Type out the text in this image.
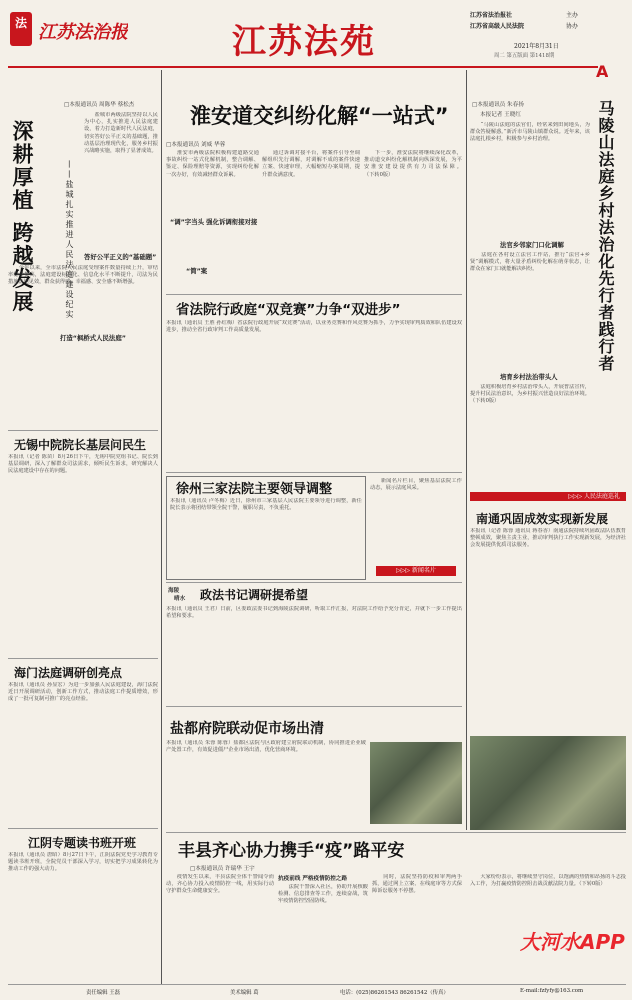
法 江苏法治报	江苏法苑
江苏省法治报社	主办
江苏省高级人民法院	协办
2021年8月31日
周二 第五版面 第1418期
A
□本报通讯员 周陈华 蔡松杰
深耕厚植 跨越发展	——盐城扎实推进人民法庭建设纪实
　　盐城市两级法院坚持以人民为中心，扎实推进人民法庭建设，着力打造新时代人民法庭，切实答好公平正义的基础题，推动基层治理现代化，服务乡村振兴战略实施，取得了显著成效。
答好公平正义的“基础题”
　　今年以来，全市法院人民法庭受理案件数量持续上升，审结率稳步提高，法庭建设标准化、信息化水平不断提升，司法为民措施落地见效，群众获得感、幸福感、安全感不断增强。
打造“枫桥式人民法庭”
无锡中院院长基层问民生
本报讯（记者 陈苗）8月26日下午，无锡中院党组书记、院长到基层调研，深入了解群众司法需求，倾听民生诉求，研究解决人民法庭建设中存在的问题。
海门法庭调研创亮点
本报讯（通讯员 孙显宏）为进一步加强人民法庭建设，海门法院近日开展调研活动，创新工作方式，推动法庭工作提质增效，形成了一批可复制可推广的亮点经验。
江阴专题读书班开班
本报讯（通讯员 唐昭）8月27日下午，江阴法院党史学习教育专题读书班开班，全院党员干部深入学习，切实把学习成果转化为推动工作的强大动力。
淮安道交纠纷化解“一站式”
□本报通讯员 刘威 华蓉
　　淮安市两级法院积极构建道路交通事故纠纷一站式化解机制，整合调解、鉴定、保险理赔等资源，实现纠纷化解一次办好，有效减轻群众诉累。
“调”字当头 强化诉调衔接对接
“简”案
　　通过诉调对接平台，将案件引导至调解组织先行调解，对调解不成的案件快速立案、快速审理，大幅缩短办案周期，提升群众满意度。
　　下一步，淮安法院将继续深化改革，推动道交纠纷化解机制向纵深发展，为平安淮安建设提供有力司法保障。（下转0版）
省法院行政庭“双竞赛”力争“双进步”
本报讯（通讯员 王胜 孙红梅）省法院行政庭开展“双竞赛”活动，以业务竞赛和作风竞赛为抓手，力争实现审判质效和队伍建设双进步，推动全省行政审判工作高质量发展。
徐州三家法院主要领导调整
本报讯（通讯员 卢冬梅）近日，徐州市三家基层人民法院主要领导进行调整，新任院长表示将团结带领全院干警，履职尽责，不负重托。
　　新闻名片栏目，聚焦基层法院工作动态，展示法庭风采。
▷▷▷ 新闻名片
海陵
晴水 政法书记调研提希望
本报讯（通讯员 王君）日前，区委政法委书记到海陵法院调研，听取工作汇报，对法院工作给予充分肯定，并就下一步工作提出希望和要求。
盐都府院联动促市场出清
本报讯（通讯员 朱蓉 陈蓉）盐都区法院与区政府建立府院联动机制，协同推进企业破产处置工作，有效促进僵尸企业市场出清，优化营商环境。
□本报通讯员 朱春扬
本报记者 王晓红	马陵山法庭乡村法治化先行者践行者
　　“马陵山法庭的法官们，经常来到田间地头，为群众答疑解惑。”新沂市马陵山镇群众说。近年来，该法庭扎根乡村，积极参与乡村治理。
法官乡邻家门口化调解
　　法庭在各村设立法官工作站，推行“法官+乡贤”调解模式，将大量矛盾纠纷化解在萌芽状态，让群众在家门口就能解决纠纷。
培育乡村法治带头人
　　法庭积极培育乡村法治带头人，开展普法宣传，提升村民法治意识，为乡村振兴营造良好法治环境。（下转0版）
▷▷▷ 人民法庭巡礼
南通巩固成效实现新发展
本报讯（记者 陈蓉 通讯员 蒋春香）南通法院持续巩固政法队伍教育整顿成效，聚焦主责主业，推动审判执行工作实现新发展，为经济社会发展提供优质司法服务。
丰县齐心协力携手“疫”路平安
□本报通讯员 许瑞华 王宇
　　疫情发生以来，丰县法院全体干警闻令而动，齐心协力投入疫情防控一线，用实际行动守护群众生命健康安全。
抗疫前线 严格疫情防控之路
　　法院干警深入社区，协助开展核酸检测、信息排查等工作，连续奋战，筑牢疫情防控坚固防线。
　　同时，法院坚持防疫和审判两手抓，通过网上立案、在线庭审等方式保障诉讼服务不停摆。
　　大家纷纷表示，将继续坚守岗位，以饱满的热情和昂扬的斗志投入工作，为打赢疫情防控阻击战贡献法院力量。（下转0版）
责任编辑 王磊	美术编辑 葛	电话：(025)86261543 86261542（传真）	E-mail:fzfyfy@163.com
大河水APP
